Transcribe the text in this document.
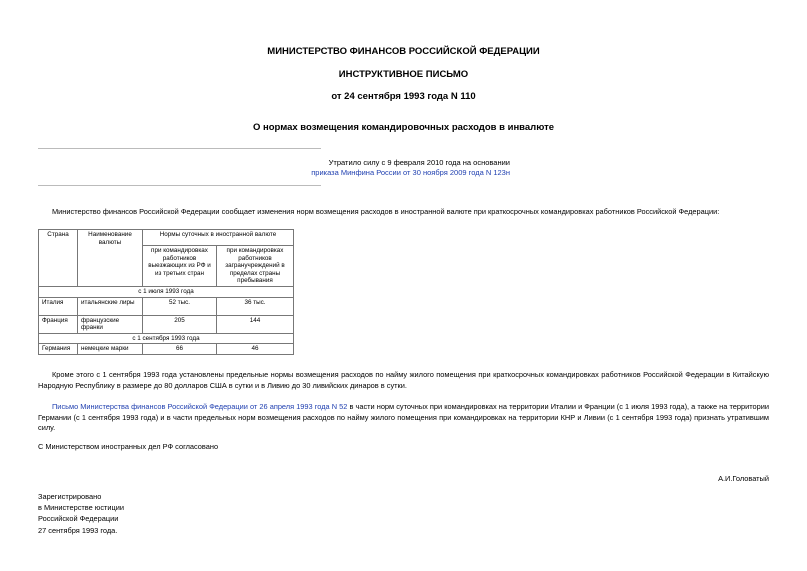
МИНИСТЕРСТВО ФИНАНСОВ РОССИЙСКОЙ ФЕДЕРАЦИИ
ИНСТРУКТИВНОЕ ПИСЬМО
от 24 сентября 1993 года N 110
О нормах возмещения командировочных расходов в инвалюте
Утратило силу с 9 февраля 2010 года на основании
приказа Минфина России от 30 ноября 2009 года N 123н
Министерство финансов Российской Федерации сообщает изменения норм возмещения расходов в иностранной валюте при краткосрочных командировках работников Российской Федерации:
Страна	Наименование валюты	Нормы суточных в иностранной валюте	
		при командировках работников выезжающих из РФ и из третьих стран	при командировках работников загранучреждений в пределах страны пребывания
с 1 июля 1993 года			
Италия	итальянские лиры	52 тыс.	36 тыс.
Франция	французские франки	205	144
с 1 сентября 1993 года			
Германия	немецкие марки	66	46
Кроме этого с 1 сентября 1993 года установлены предельные нормы возмещения расходов по найму жилого помещения при краткосрочных командировках работников Российской Федерации в Китайскую Народную Республику в размере до 80 долларов США в сутки и в Ливию до 30 ливийских динаров в сутки.
Письмо Министерства финансов Российской Федерации от 26 апреля 1993 года N 52 в части норм суточных при командировках на территории Италии и Франции (с 1 июля 1993 года), а также на территории Германии (с 1 сентября 1993 года) и в части предельных норм возмещения расходов по найму жилого помещения при командировках на территории КНР и Ливии (с 1 сентября 1993 года) признать утратившим силу.
С Министерством иностранных дел РФ согласовано
А.И.Головатый
Зарегистрировано
в Министерстве юстиции
Российской Федерации
27 сентября 1993 года.
